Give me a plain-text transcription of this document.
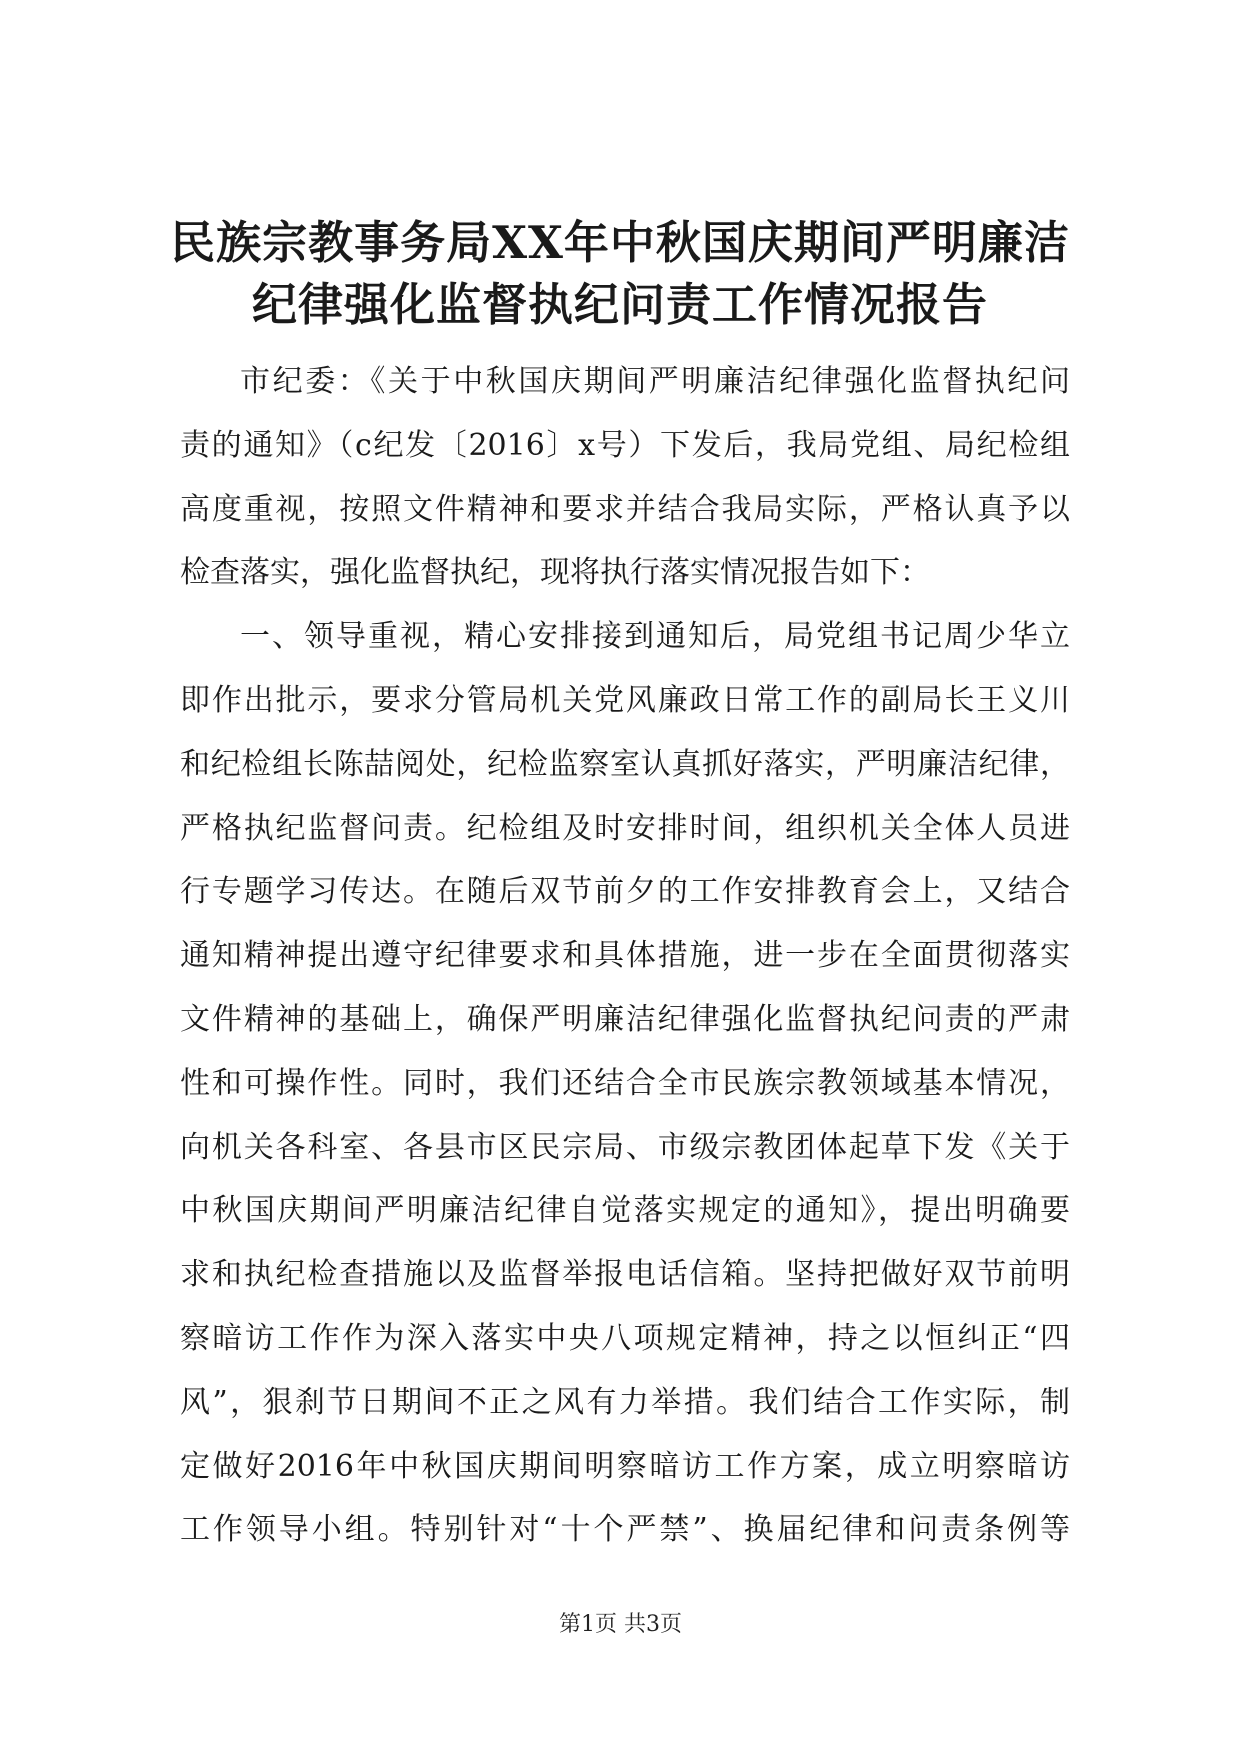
民族宗教事务局XX年中秋国庆期间严明廉洁
纪律强化监督执纪问责工作情况报告
市纪委：《关于中秋国庆期间严明廉洁纪律强化监督执纪问
责的通知》（c纪发〔2016〕x号）下发后，我局党组、局纪检组
高度重视，按照文件精神和要求并结合我局实际，严格认真予以
检查落实，强化监督执纪，现将执行落实情况报告如下：
一、领导重视，精心安排接到通知后，局党组书记周少华立
即作出批示，要求分管局机关党风廉政日常工作的副局长王义川
和纪检组长陈喆阅处，纪检监察室认真抓好落实，严明廉洁纪律，
严格执纪监督问责。纪检组及时安排时间，组织机关全体人员进
行专题学习传达。在随后双节前夕的工作安排教育会上，又结合
通知精神提出遵守纪律要求和具体措施，进一步在全面贯彻落实
文件精神的基础上，确保严明廉洁纪律强化监督执纪问责的严肃
性和可操作性。同时，我们还结合全市民族宗教领域基本情况，
向机关各科室、各县市区民宗局、市级宗教团体起草下发《关于
中秋国庆期间严明廉洁纪律自觉落实规定的通知》，提出明确要
求和执纪检查措施以及监督举报电话信箱。坚持把做好双节前明
察暗访工作作为深入落实中央八项规定精神，持之以恒纠正“四
风”，狠刹节日期间不正之风有力举措。我们结合工作实际，制
定做好2016年中秋国庆期间明察暗访工作方案，成立明察暗访
工作领导小组。特别针对“十个严禁”、换届纪律和问责条例等
第1页 共3页
